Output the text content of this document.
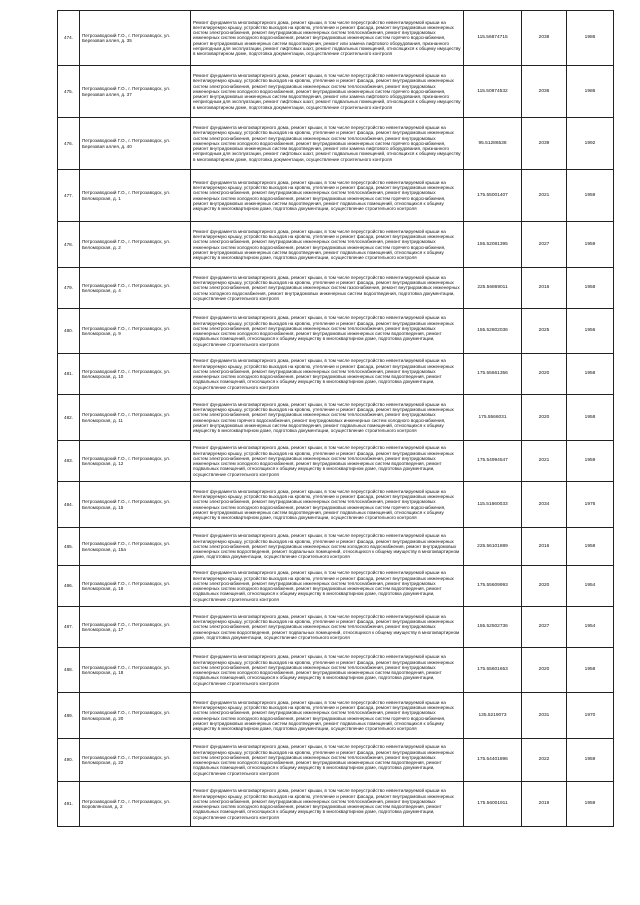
474.	Петрозаводский Г.О., г. Петрозаводск, ул. Березовая аллея, д. 35	Ремонт фундамента многоквартирного дома, ремонт крыши, в том числе переустройство невентилируемой крыши на вентилируемую крышу, устройство выходов на кровлю, утепление и ремонт фасада, ремонт внутридомовых инженерных систем электроснабжения, ремонт внутридомовых инженерных систем теплоснабжения, ремонт внутридомовых инженерных систем холодного водоснабжения, ремонт внутридомовых инженерных систем горячего водоснабжения, ремонт внутридомовых инженерных систем водоотведения, ремонт или замена лифтового оборудования, признанного непригодным для эксплуатации, ремонт лифтовых шахт, ремонт подвальных помещений, относящихся к общему имуществу в многоквартирном доме, подготовка документации, осуществление строительного контроля	115.56874715	2038	1986
475.	Петрозаводский Г.О., г. Петрозаводск, ул. Березовая аллея, д. 37	Ремонт фундамента многоквартирного дома, ремонт крыши, в том числе переустройство невентилируемой крыши на вентилируемую крышу, устройство выходов на кровлю, утепление и ремонт фасада, ремонт внутридомовых инженерных систем электроснабжения, ремонт внутридомовых инженерных систем теплоснабжения, ремонт внутридомовых инженерных систем холодного водоснабжения, ремонт внутридомовых инженерных систем горячего водоснабжения, ремонт внутридомовых инженерных систем водоотведения, ремонт или замена лифтового оборудования, признанного непригодным для эксплуатации, ремонт лифтовых шахт, ремонт подвальных помещений, относящихся к общему имуществу в многоквартирном доме, подготовка документации, осуществление строительного контроля	115.50874532	2036	1986
476.	Петрозаводский Г.О., г. Петрозаводск, ул. Березовая аллея, д. 40	Ремонт фундамента многоквартирного дома, ремонт крыши, в том числе переустройство невентилируемой крыши на вентилируемую крышу, устройство выходов на кровлю, утепление и ремонт фасада, ремонт внутридомовых инженерных систем электроснабжения, ремонт внутридомовых инженерных систем теплоснабжения, ремонт внутридомовых инженерных систем холодного водоснабжения, ремонт внутридомовых инженерных систем горячего водоснабжения, ремонт внутридомовых инженерных систем водоотведения, ремонт или замена лифтового оборудования, признанного непригодным для эксплуатации, ремонт лифтовых шахт, ремонт подвальных помещений, относящихся к общему имуществу в многоквартирном доме, подготовка документации, осуществление строительного контроля	95.51286538	2039	1992
477.	Петрозаводский Г.О., г. Петрозаводск, ул. Беломорская, д. 1	Ремонт фундамента многоквартирного дома, ремонт крыши, в том числе переустройство невентилируемой крыши на вентилируемую крышу, устройство выходов на кровлю, утепление и ремонт фасада, ремонт внутридомовых инженерных систем электроснабжения, ремонт внутридомовых инженерных систем теплоснабжения, ремонт внутридомовых инженерных систем холодного водоснабжения, ремонт внутридомовых инженерных систем горячего водоснабжения, ремонт внутридомовых инженерных систем водоотведения, ремонт подвальных помещений, относящихся к общему имуществу в многоквартирном доме, подготовка документации, осуществление строительного контроля	175.55001407	2021	1959
478.	Петрозаводский Г.О., г. Петрозаводск, ул. Беломорская, д. 2	Ремонт фундамента многоквартирного дома, ремонт крыши, в том числе переустройство невентилируемой крыши на вентилируемую крышу, устройство выходов на кровлю, утепление и ремонт фасада, ремонт внутридомовых инженерных систем электроснабжения, ремонт внутридомовых инженерных систем теплоснабжения, ремонт внутридомовых инженерных систем холодного водоснабжения, ремонт внутридомовых инженерных систем горячего водоснабжения, ремонт внутридомовых инженерных систем водоотведения, ремонт подвальных помещений, относящихся к общему имуществу в многоквартирном доме, подготовка документации, осуществление строительного контроля	155.52081395	2027	1959
479.	Петрозаводский Г.О., г. Петрозаводск, ул. Беломорская, д. 4	Ремонт фундамента многоквартирного дома, ремонт крыши, в том числе переустройство невентилируемой крыши на вентилируемую крышу, устройство выходов на кровлю, утепление и ремонт фасада, ремонт внутридомовых инженерных систем электроснабжения, ремонт внутридомовых инженерных систем газоснабжения, ремонт внутридомовых инженерных систем холодного водоснабжения, ремонт внутридомовых инженерных систем водоотведения, подготовка документации, осуществление строительного контроля	225.56869011	2016	1958
480.	Петрозаводский Г.О., г. Петрозаводск, ул. Беломорская, д. 9	Ремонт фундамента многоквартирного дома, ремонт крыши, в том числе переустройство невентилируемой крыши на вентилируемую крышу, устройство выходов на кровлю, утепление и ремонт фасада, ремонт внутридомовых инженерных систем электроснабжения, ремонт внутридомовых инженерных систем теплоснабжения, ремонт внутридомовых инженерных систем холодного водоснабжения, ремонт внутридомовых инженерных систем водоотведения, ремонт подвальных помещений, относящихся к общему имуществу в многоквартирном доме, подготовка документации, осуществление строительного контроля	155.52802036	2025	1956
481.	Петрозаводский Г.О., г. Петрозаводск, ул. Беломорская, д. 10	Ремонт фундамента многоквартирного дома, ремонт крыши, в том числе переустройство невентилируемой крыши на вентилируемую крышу, устройство выходов на кровлю, утепление и ремонт фасада, ремонт внутридомовых инженерных систем электроснабжения, ремонт внутридомовых инженерных систем теплоснабжения, ремонт внутридомовых инженерных систем холодного водоснабжения, ремонт внутридомовых инженерных систем водоотведения, ремонт подвальных помещений, относящихся к общему имуществу в многоквартирном доме, подготовка документации, осуществление строительного контроля	175.55661356	2020	1958
482.	Петрозаводский Г.О., г. Петрозаводск, ул. Беломорская, д. 11	Ремонт фундамента многоквартирного дома, ремонт крыши, в том числе переустройство невентилируемой крыши на вентилируемую крышу, устройство выходов на кровлю, утепление и ремонт фасада, ремонт внутридомовых инженерных систем электроснабжения, ремонт внутридомовых инженерных систем теплоснабжения, ремонт внутридомовых инженерных систем горячего водоснабжения, ремонт внутридомовых инженерных систем холодного водоснабжения, ремонт внутридомовых инженерных систем водоотведения, ремонт подвальных помещений, относящихся к общему имуществу в многоквартирном доме, подготовка документации, осуществление строительного контроля	175.5566031	2020	1958
483.	Петрозаводский Г.О., г. Петрозаводск, ул. Беломорская, д. 12	Ремонт фундамента многоквартирного дома, ремонт крыши, в том числе переустройство невентилируемой крыши на вентилируемую крышу, устройство выходов на кровлю, утепление и ремонт фасада, ремонт внутридомовых инженерных систем электроснабжения, ремонт внутридомовых инженерных систем теплоснабжения, ремонт внутридомовых инженерных систем холодного водоснабжения, ремонт внутридомовых инженерных систем водоотведения, ремонт подвальных помещений, относящихся к общему имуществу в многоквартирном доме, подготовка документации, осуществление строительного контроля	175.54994547	2021	1959
484.	Петрозаводский Г.О., г. Петрозаводск, ул. Беломорская, д. 15	Ремонт фундамента многоквартирного дома, ремонт крыши, в том числе переустройство невентилируемой крыши на вентилируемую крышу, устройство выходов на кровлю, утепление и ремонт фасада, ремонт внутридомовых инженерных систем электроснабжения, ремонт внутридомовых инженерных систем теплоснабжения, ремонт внутридомовых инженерных систем холодного водоснабжения, ремонт внутридомовых инженерных систем горячего водоснабжения, ремонт внутридомовых инженерных систем водоотведения, ремонт подвальных помещений, относящихся к общему имуществу в многоквартирном доме, подготовка документации, осуществление строительного контроля	115.51660033	2034	1976
485.	Петрозаводский Г.О., г. Петрозаводск, ул. Беломорская, д. 15а	Ремонт фундамента многоквартирного дома, ремонт крыши, в том числе переустройство невентилируемой крыши на вентилируемую крышу, устройство выходов на кровлю, утепление и ремонт фасада, ремонт внутридомовых инженерных систем электроснабжения, ремонт внутридомовых инженерных систем холодного водоснабжения, ремонт внутридомовых инженерных систем водоотведения, ремонт подвальных помещений, относящихся к общему имуществу в многоквартирном доме, подготовка документации, осуществление строительного контроля	225.56101889	2016	1958
486.	Петрозаводский Г.О., г. Петрозаводск, ул. Беломорская, д. 16	Ремонт фундамента многоквартирного дома, ремонт крыши, в том числе переустройство невентилируемой крыши на вентилируемую крышу, устройство выходов на кровлю, утепление и ремонт фасада, ремонт внутридомовых инженерных систем электроснабжения, ремонт внутридомовых инженерных систем теплоснабжения, ремонт внутридомовых инженерных систем холодного водоснабжения, ремонт внутридомовых инженерных систем водоотведения, ремонт подвальных помещений, относящихся к общему имуществу в многоквартирном доме, подготовка документации, осуществление строительного контроля	175.55609993	2020	1954
487.	Петрозаводский Г.О., г. Петрозаводск, ул. Беломорская, д. 17	Ремонт фундамента многоквартирного дома, ремонт крыши, в том числе переустройство невентилируемой крыши на вентилируемую крышу, устройство выходов на кровлю, утепление и ремонт фасада, ремонт внутридомовых инженерных систем электроснабжения, ремонт внутридомовых инженерных систем теплоснабжения, ремонт внутридомовых инженерных систем водоотведения, ремонт подвальных помещений, относящихся к общему имуществу в многоквартирном доме, подготовка документации, осуществление строительного контроля	155.52502736	2027	1954
488.	Петрозаводский Г.О., г. Петрозаводск, ул. Беломорская, д. 18	Ремонт фундамента многоквартирного дома, ремонт крыши, в том числе переустройство невентилируемой крыши на вентилируемую крышу, устройство выходов на кровлю, утепление и ремонт фасада, ремонт внутридомовых инженерных систем электроснабжения, ремонт внутридомовых инженерных систем теплоснабжения, ремонт внутридомовых инженерных систем холодного водоснабжения, ремонт внутридомовых инженерных систем водоотведения, ремонт подвальных помещений, относящихся к общему имуществу в многоквартирном доме, подготовка документации, осуществление строительного контроля	175.55601653	2020	1958
489.	Петрозаводский Г.О., г. Петрозаводск, ул. Беломорская, д. 20	Ремонт фундамента многоквартирного дома, ремонт крыши, в том числе переустройство невентилируемой крыши на вентилируемую крышу, устройство выходов на кровлю, утепление и ремонт фасада, ремонт внутридомовых инженерных систем электроснабжения, ремонт внутридомовых инженерных систем теплоснабжения, ремонт внутридомовых инженерных систем холодного водоснабжения, ремонт внутридомовых инженерных систем горячего водоснабжения, ремонт внутридомовых инженерных систем водоотведения, ремонт подвальных помещений, относящихся к общему имуществу в многоквартирном доме, подготовка документации, осуществление строительного контроля	135.5219073	2031	1970
490.	Петрозаводский Г.О., г. Петрозаводск, ул. Беломорская, д. 22	Ремонт фундамента многоквартирного дома, ремонт крыши, в том числе переустройство невентилируемой крыши на вентилируемую крышу, устройство выходов на кровлю, утепление и ремонт фасада, ремонт внутридомовых инженерных систем электроснабжения, ремонт внутридомовых инженерных систем теплоснабжения, ремонт внутридомовых инженерных систем холодного водоснабжения, ремонт внутридомовых инженерных систем водоотведения, ремонт подвальных помещений, относящихся к общему имуществу в многоквартирном доме, подготовка документации, осуществление строительного контроля	175.54401896	2022	1959
491.	Петрозаводский Г.О., г. Петрозаводск, ул. Боровлянская, д. 2	Ремонт фундамента многоквартирного дома, ремонт крыши, в том числе переустройство невентилируемой крыши на вентилируемую крышу, устройство выходов на кровлю, утепление и ремонт фасада, ремонт внутридомовых инженерных систем электроснабжения, ремонт внутридомовых инженерных систем теплоснабжения, ремонт внутридомовых инженерных систем холодного водоснабжения, ремонт внутридомовых инженерных систем водоотведения, ремонт подвальных помещений, относящихся к общему имуществу в многоквартирном доме, подготовка документации, осуществление строительного контроля	175.56001911	2019	1959
